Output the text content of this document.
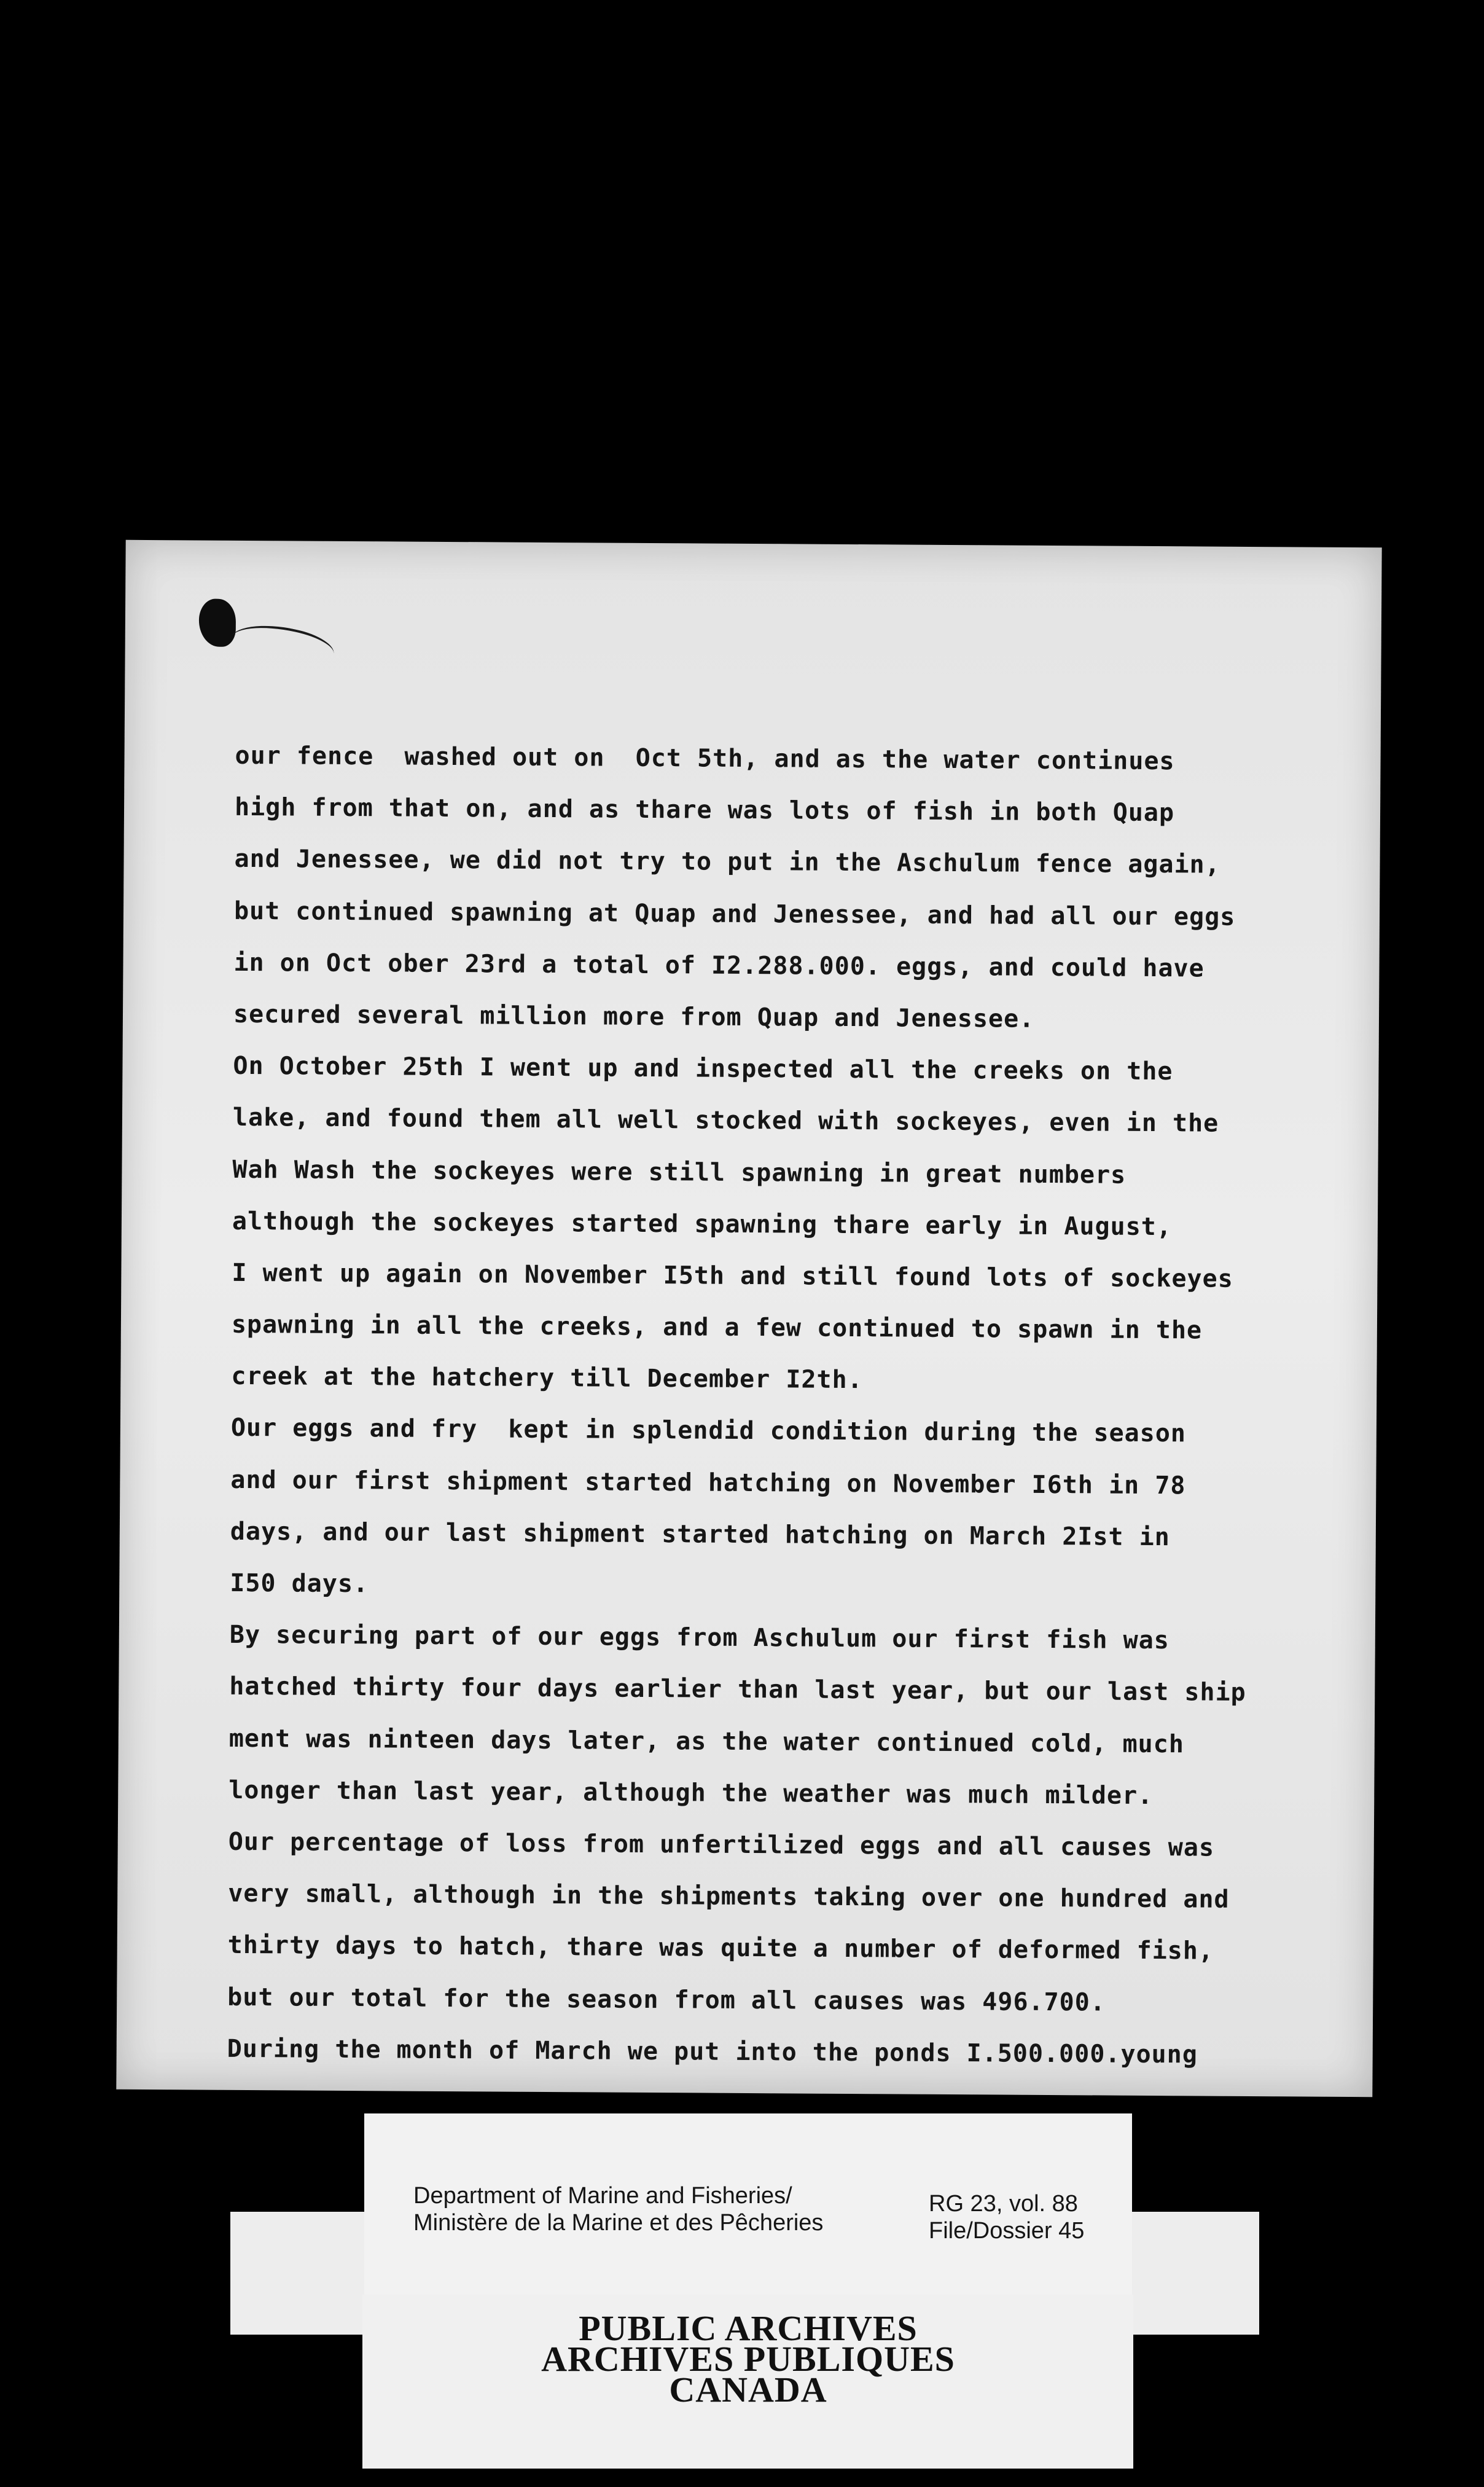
our fence  washed out on  Oct 5th, and as the water continues
high from that on, and as thare was lots of fish in both Quap
and Jenessee, we did not try to put in the Aschulum fence again,
but continued spawning at Quap and Jenessee, and had all our eggs
in on Oct ober 23rd a total of I2.288.000. eggs, and could have
secured several million more from Quap and Jenessee.
On October 25th I went up and inspected all the creeks on the
lake, and found them all well stocked with sockeyes, even in the
Wah Wash the sockeyes were still spawning in great numbers
although the sockeyes started spawning thare early in August,
I went up again on November I5th and still found lots of sockeyes
spawning in all the creeks, and a few continued to spawn in the
creek at the hatchery till December I2th.
Our eggs and fry  kept in splendid condition during the season
and our first shipment started hatching on November I6th in 78
days, and our last shipment started hatching on March 2Ist in
I50 days.
By securing part of our eggs from Aschulum our first fish was
hatched thirty four days earlier than last year, but our last ship
ment was ninteen days later, as the water continued cold, much
longer than last year, although the weather was much milder.
Our percentage of loss from unfertilized eggs and all causes was
very small, although in the shipments taking over one hundred and
thirty days to hatch, thare was quite a number of deformed fish,
but our total for the season from all causes was 496.700.
During the month of March we put into the ponds I.500.000.young
Department of Marine and Fisheries/
Ministère de la Marine et des Pêcheries
RG 23, vol. 88
File/Dossier 45
PUBLIC ARCHIVES
ARCHIVES PUBLIQUES
CANADA
